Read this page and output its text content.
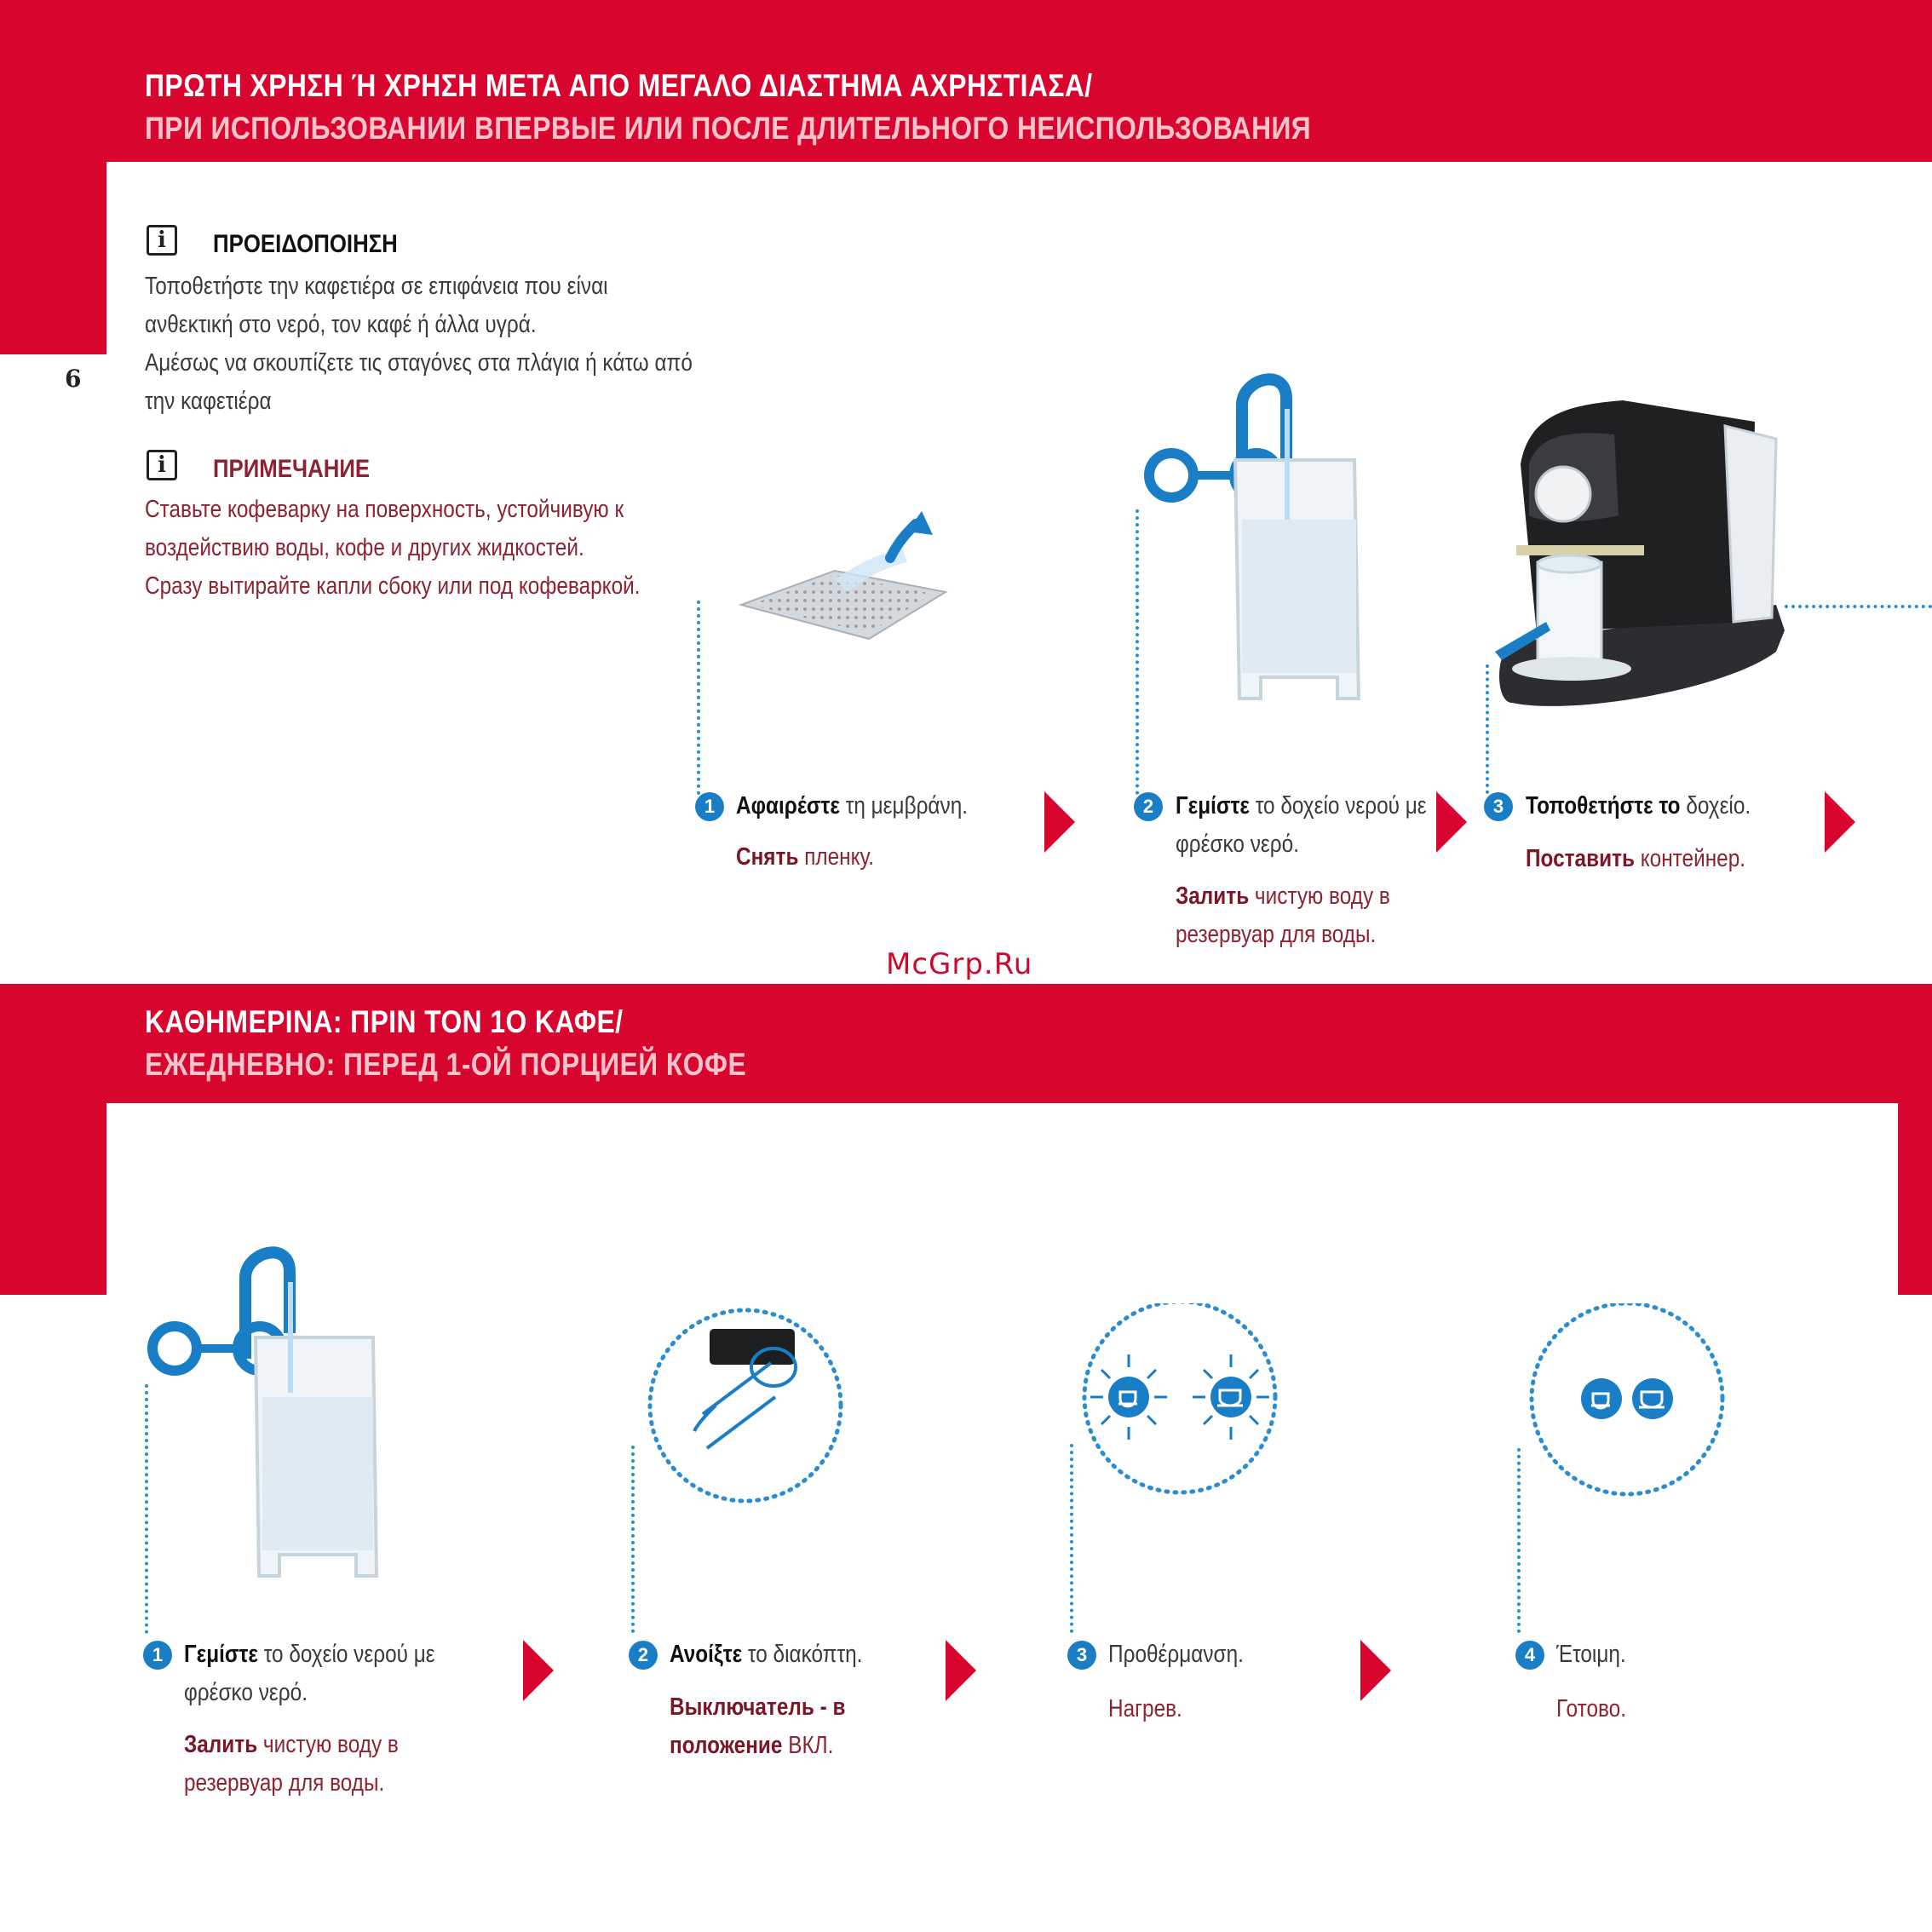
ΠΡΩΤΗ ΧΡΗΣΗ Ή ΧΡΗΣΗ ΜΕΤΑ ΑΠΟ ΜΕΓΑΛΟ ΔΙΑΣΤΗΜΑ ΑΧΡΗΣΤΙΑΣΑ/
ПРИ ИСПОЛЬЗОВАНИИ ВПЕРВЫЕ ИЛИ ПОСЛЕ ДЛИТЕЛЬНОГО НЕИСПОЛЬЗОВАНИЯ
6
i	ΠΡΟΕΙΔΟΠΟΙΗΣΗ
Τοποθετήστε την καφετιέρα σε επιφάνεια που είναι
ανθεκτική στο νερό, τον καφέ ή άλλα υγρά.
Αμέσως να σκουπίζετε τις σταγόνες στα πλάγια ή κάτω από
την καφετιέρα
i	ПРИМЕЧАНИЕ
Ставьте кофеварку на поверхность, устойчивую к
воздействию воды, кофе и других жидкостей.
Сразу вытирайте капли сбоку или под кофеваркой.
1 Αφαιρέστε τη μεμβράνη.
Снять пленку.
2 Γεμίστε το δοχείο νερού με
φρέσκο νερό.
Залить чистую воду в
резервуар для воды.
3 Τοποθετήστε το δοχείο.
Поставить контейнер.
McGrp.Ru
ΚΑΘΗΜΕΡΙΝΑ: ΠΡΙΝ ΤΟΝ 1Ο ΚΑΦΕ/
ЕЖЕДНЕВНО: ПЕРЕД 1-ОЙ ПОРЦИЕЙ КОФЕ
1 Γεμίστε το δοχείο νερού με
φρέσκο νερό.
Залить чистую воду в
резервуар для воды.
2 Ανοίξτε το διακόπτη.
Выключатель - в
положение ВКЛ.
3 Προθέρμανση.
Нагрев.
4 Έτοιμη.
Готово.
